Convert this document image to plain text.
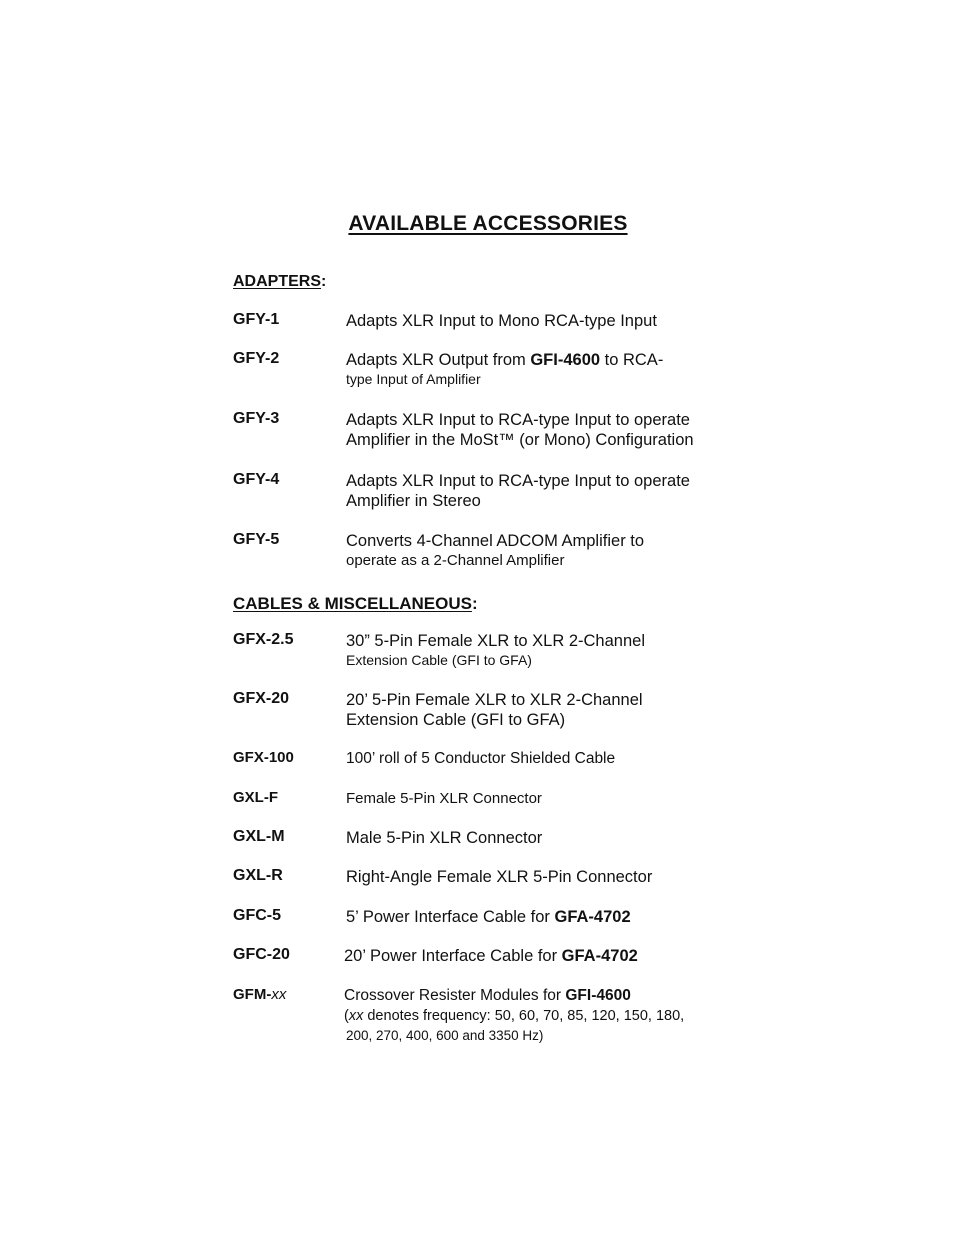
AVAILABLE ACCESSORIES
ADAPTERS:
GFY-1	Adapts XLR Input to Mono RCA-type Input
GFY-2	Adapts XLR Output from GFI-4600 to RCA-
type Input of Amplifier
GFY-3	Adapts XLR Input to RCA-type Input to operate
Amplifier in the MoSt™ (or Mono) Configuration
GFY-4	Adapts XLR Input to RCA-type Input to operate
Amplifier in Stereo
GFY-5	Converts 4-Channel ADCOM Amplifier to
operate as a 2-Channel Amplifier
CABLES & MISCELLANEOUS:
GFX-2.5	30” 5-Pin Female XLR to XLR 2-Channel
Extension Cable (GFI to GFA)
GFX-20	20’ 5-Pin Female XLR to XLR 2-Channel
Extension Cable (GFI to GFA)
GFX-100	100’ roll of 5 Conductor Shielded Cable
GXL-F	Female 5-Pin XLR Connector
GXL-M	Male 5-Pin XLR Connector
GXL-R	Right-Angle Female XLR 5-Pin Connector
GFC-5	5’ Power Interface Cable for GFA-4702
GFC-20	20’ Power Interface Cable for GFA-4702
GFM-xx	Crossover Resister Modules for GFI-4600
(xx denotes frequency: 50, 60, 70, 85, 120, 150, 180,
200, 270, 400, 600 and 3350 Hz)
